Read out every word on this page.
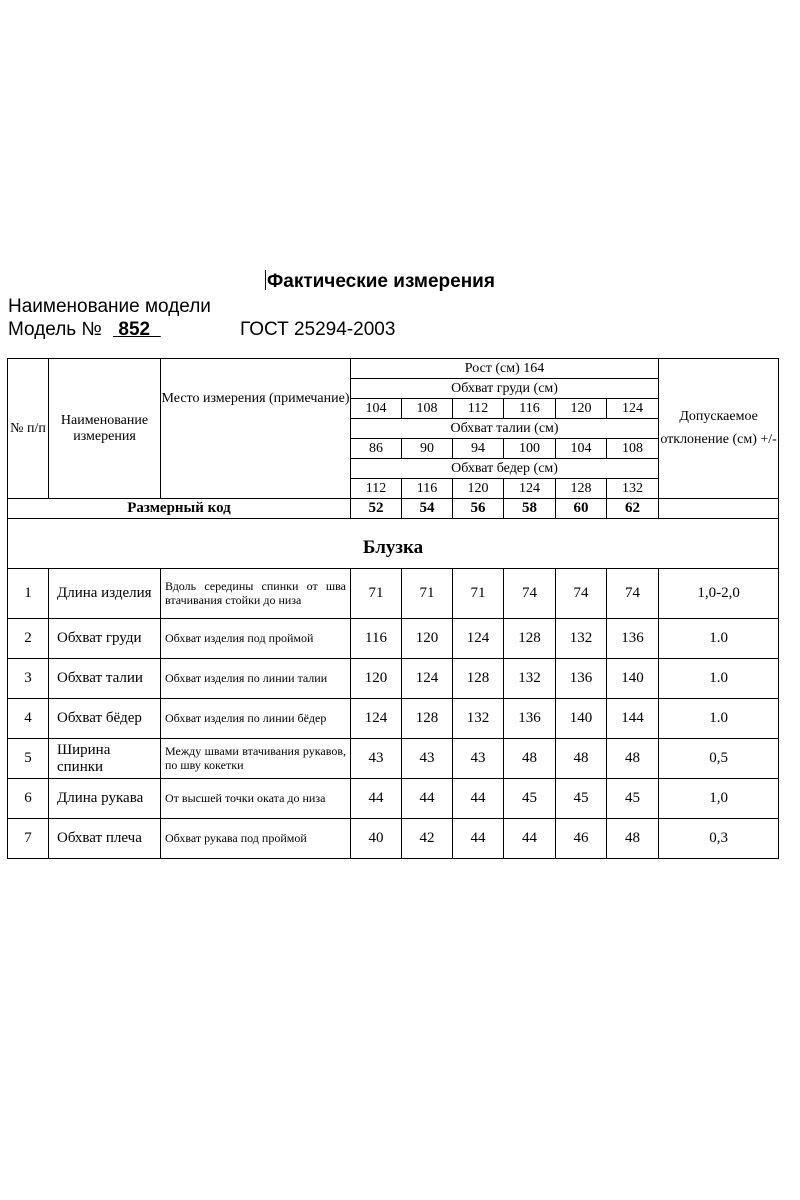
Фактические измерения
Наименование модели
Модель № 852	ГОСТ 25294-2003
№ п/п	Наименование измерения	Место измерения (примечание)	Рост (см) 164						Допускаемое отклонение (см) +/-
			Обхват груди (см)						
			104	108	112	116	120	124	
			Обхват талии (см)						
			86	90	94	100	104	108	
			Обхват бедер (см)						
			112	116	120	124	128	132	
Размерный код			52	54	56	58	60	62	
Блузка									
1	Длина изделия	Вдоль середины спинки от шва втачивания стойки до низа	71	71	71	74	74	74	1,0-2,0
2	Обхват груди	Обхват изделия под проймой	116	120	124	128	132	136	1.0
3	Обхват талии	Обхват изделия по линии талии	120	124	128	132	136	140	1.0
4	Обхват бёдер	Обхват изделия по линии бёдер	124	128	132	136	140	144	1.0
5	Ширина спинки	Между швами втачивания рукавов, по шву кокетки	43	43	43	48	48	48	0,5
6	Длина рукава	От высшей точки оката до низа	44	44	44	45	45	45	1,0
7	Обхват плеча	Обхват рукава под проймой	40	42	44	44	46	48	0,3
